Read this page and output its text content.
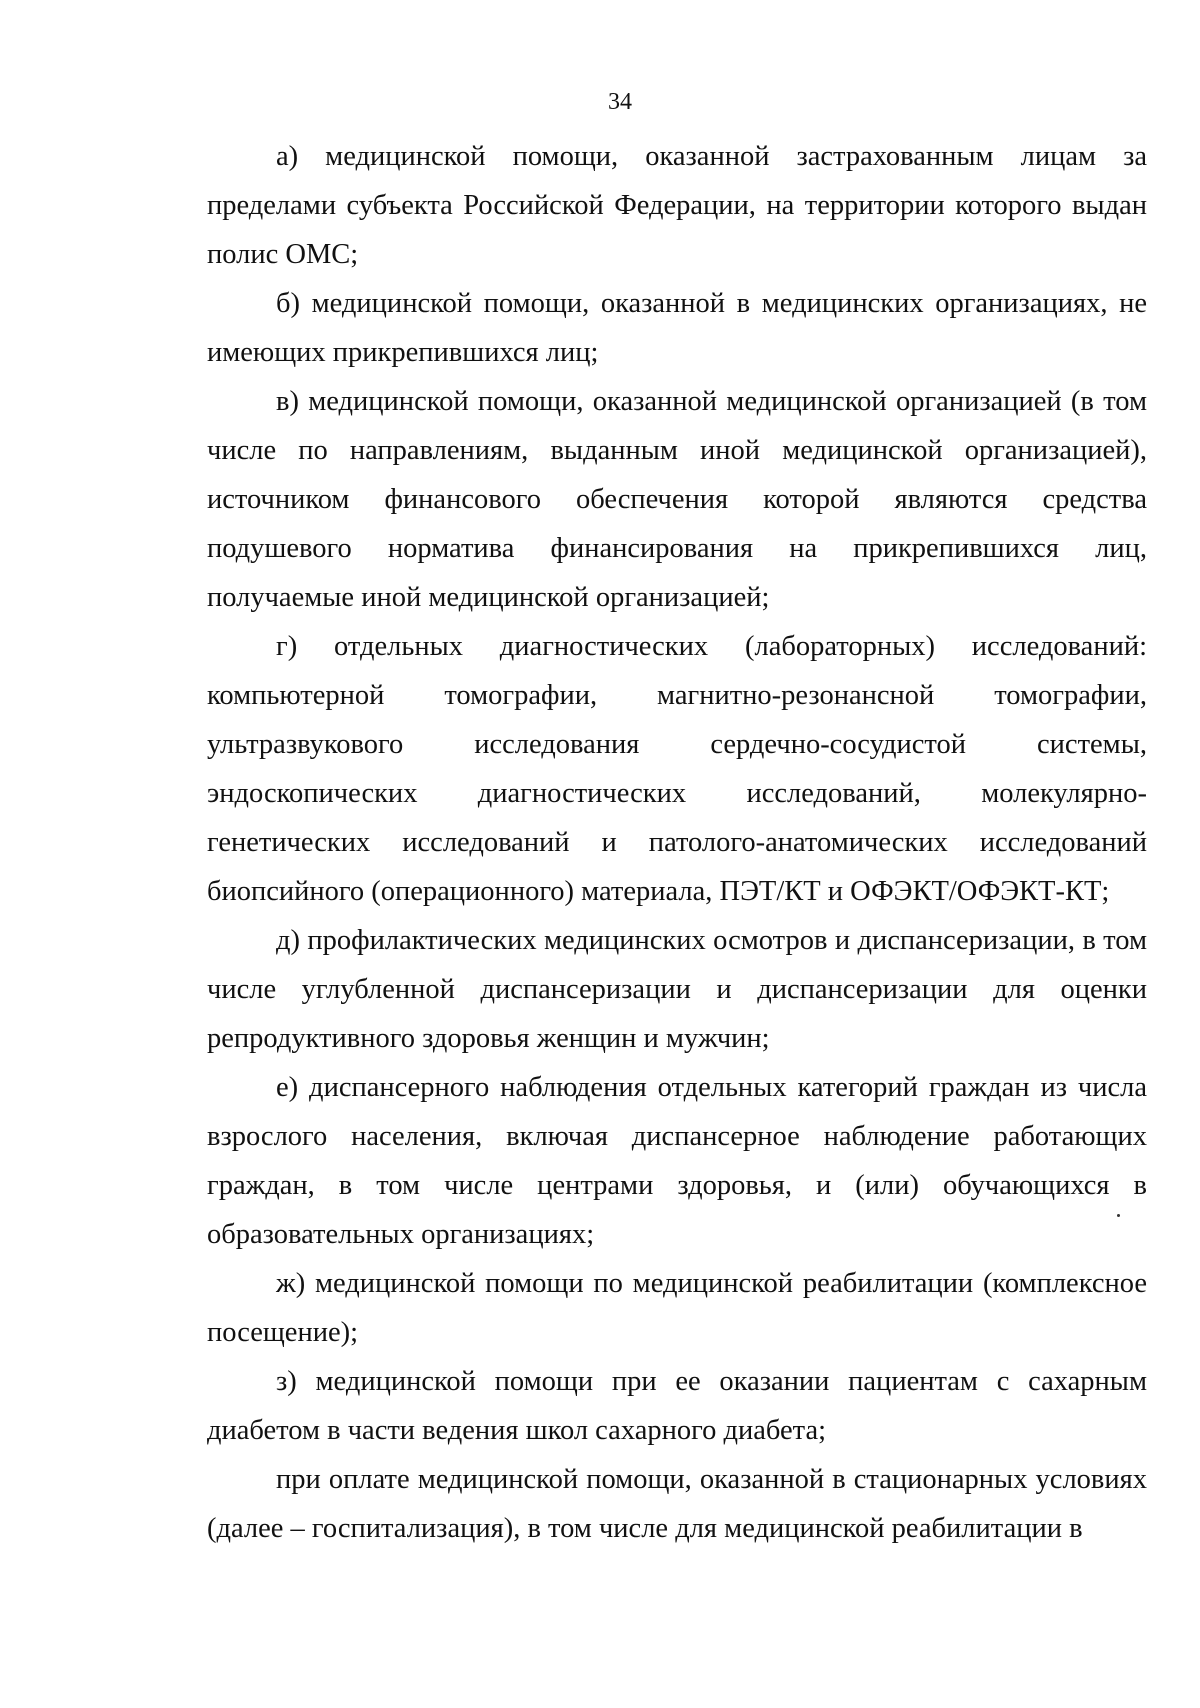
34

а) медицинской помощи, оказанной застрахованным лицам за пределами субъекта Российской Федерации, на территории которого выдан полис ОМС;

б) медицинской помощи, оказанной в медицинских организациях, не имеющих прикрепившихся лиц;

в) медицинской помощи, оказанной медицинской организацией (в том числе по направлениям, выданным иной медицинской организацией), источником финансового обеспечения которой являются средства подушевого норматива финансирования на прикрепившихся лиц, получаемые иной медицинской организацией;

г) отдельных диагностических (лабораторных) исследований: компьютерной томографии, магнитно-резонансной томографии, ультразвукового исследования сердечно-сосудистой системы, эндоскопических диагностических исследований, молекулярно-генетических исследований и патолого-анатомических исследований биопсийного (операционного) материала, ПЭТ/КТ и ОФЭКТ/ОФЭКТ-КТ;

д) профилактических медицинских осмотров и диспансеризации, в том числе углубленной диспансеризации и диспансеризации для оценки репродуктивного здоровья женщин и мужчин;

е) диспансерного наблюдения отдельных категорий граждан из числа взрослого населения, включая диспансерное наблюдение работающих граждан, в том числе центрами здоровья, и (или) обучающихся в образовательных организациях;

ж) медицинской помощи по медицинской реабилитации (комплексное посещение);

з) медицинской помощи при ее оказании пациентам с сахарным диабетом в части ведения школ сахарного диабета;

при оплате медицинской помощи, оказанной в стационарных условиях (далее – госпитализация), в том числе для медицинской реабилитации в
